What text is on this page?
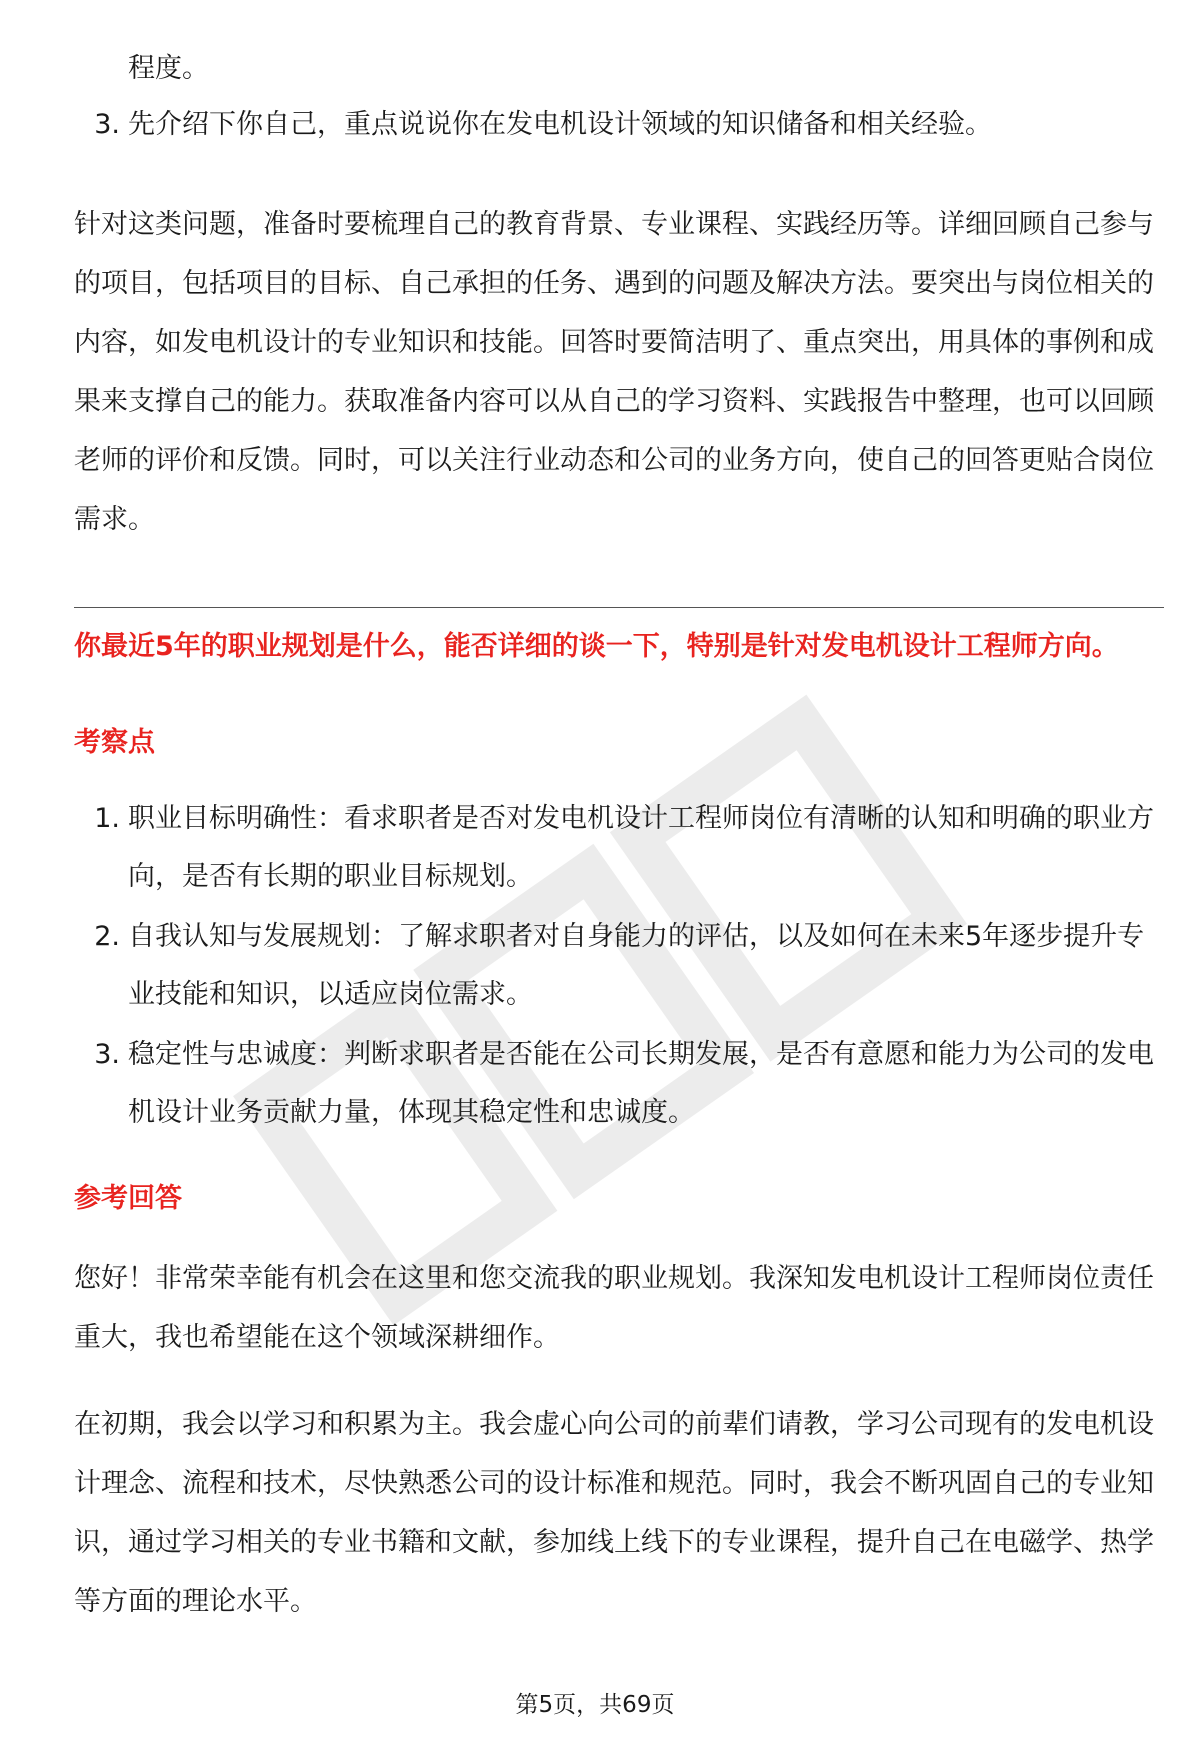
程度。
3. 先介绍下你自己，重点说说你在发电机设计领域的知识储备和相关经验。

针对这类问题，准备时要梳理自己的教育背景、专业课程、实践经历等。详细回顾自己参与的项目，包括项目的目标、自己承担的任务、遇到的问题及解决方法。要突出与岗位相关的内容，如发电机设计的专业知识和技能。回答时要简洁明了、重点突出，用具体的事例和成果来支撑自己的能力。获取准备内容可以从自己的学习资料、实践报告中整理，也可以回顾老师的评价和反馈。同时，可以关注行业动态和公司的业务方向，使自己的回答更贴合岗位需求。

你最近5年的职业规划是什么，能否详细的谈一下，特别是针对发电机设计工程师方向。
考察点
1. 职业目标明确性：看求职者是否对发电机设计工程师岗位有清晰的认知和明确的职业方向，是否有长期的职业目标规划。
2. 自我认知与发展规划：了解求职者对自身能力的评估，以及如何在未来5年逐步提升专业技能和知识，以适应岗位需求。
3. 稳定性与忠诚度：判断求职者是否能在公司长期发展，是否有意愿和能力为公司的发电机设计业务贡献力量，体现其稳定性和忠诚度。
参考回答

您好！非常荣幸能有机会在这里和您交流我的职业规划。我深知发电机设计工程师岗位责任重大，我也希望能在这个领域深耕细作。

在初期，我会以学习和积累为主。我会虚心向公司的前辈们请教，学习公司现有的发电机设计理念、流程和技术，尽快熟悉公司的设计标准和规范。同时，我会不断巩固自己的专业知识，通过学习相关的专业书籍和文献，参加线上线下的专业课程，提升自己在电磁学、热学等方面的理论水平。

第5页，共69页
